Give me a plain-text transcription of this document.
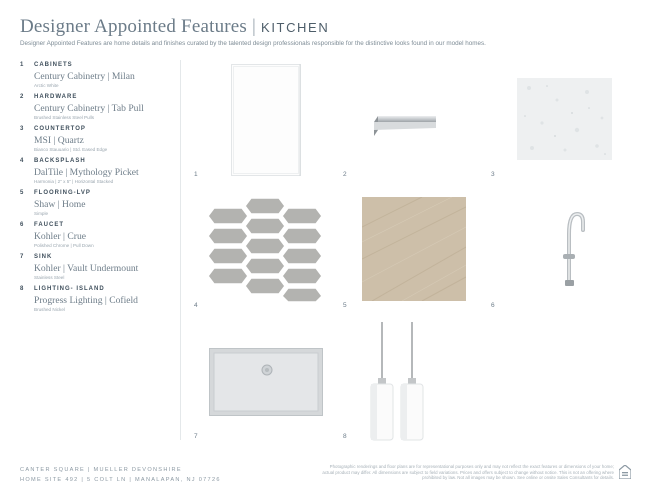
Designer Appointed Features | KITCHEN
Designer Appointed Features are home details and finishes curated by the talented design professionals responsible for the distinctive looks found in our model homes.
1 CABINETS
Century Cabinetry | Milan
Arctic White
2 HARDWARE
Century Cabinetry | Tab Pull
Brushed Stainless Steel Pulls
3 COUNTERTOP
MSI | Quartz
Bianco Stauuario | Std. Eased Edge
4 BACKSPLASH
DalTile | Mythology Picket
Harmonia | 2" x 5" | Horizontal Stacked
5 FLOORING-LVP
Shaw | Home
Simple
6 FAUCET
Kohler | Crue
Polished Chrome | Pull Down
7 SINK
Kohler | Vault Undermount
Stainless Steel
8 LIGHTING- ISLAND
Progress Lighting | Cofield
Brushed Nickel
1	2	3
4	5	6
7	8
CANTER SQUARE | MUELLER DEVONSHIRE
HOME SITE 492 | 5 COLT LN | MANALAPAN, NJ 07726
Photographic renderings and floor plans are for representational purposes only and may not reflect the exact features or dimensions of your home; actual product may differ. All dimensions are subject to field variations. Prices and offers subject to change without notice. This is not an offering where prohibited by law. Not all images may be shown. See online or onsite Sales Consultants for details.
